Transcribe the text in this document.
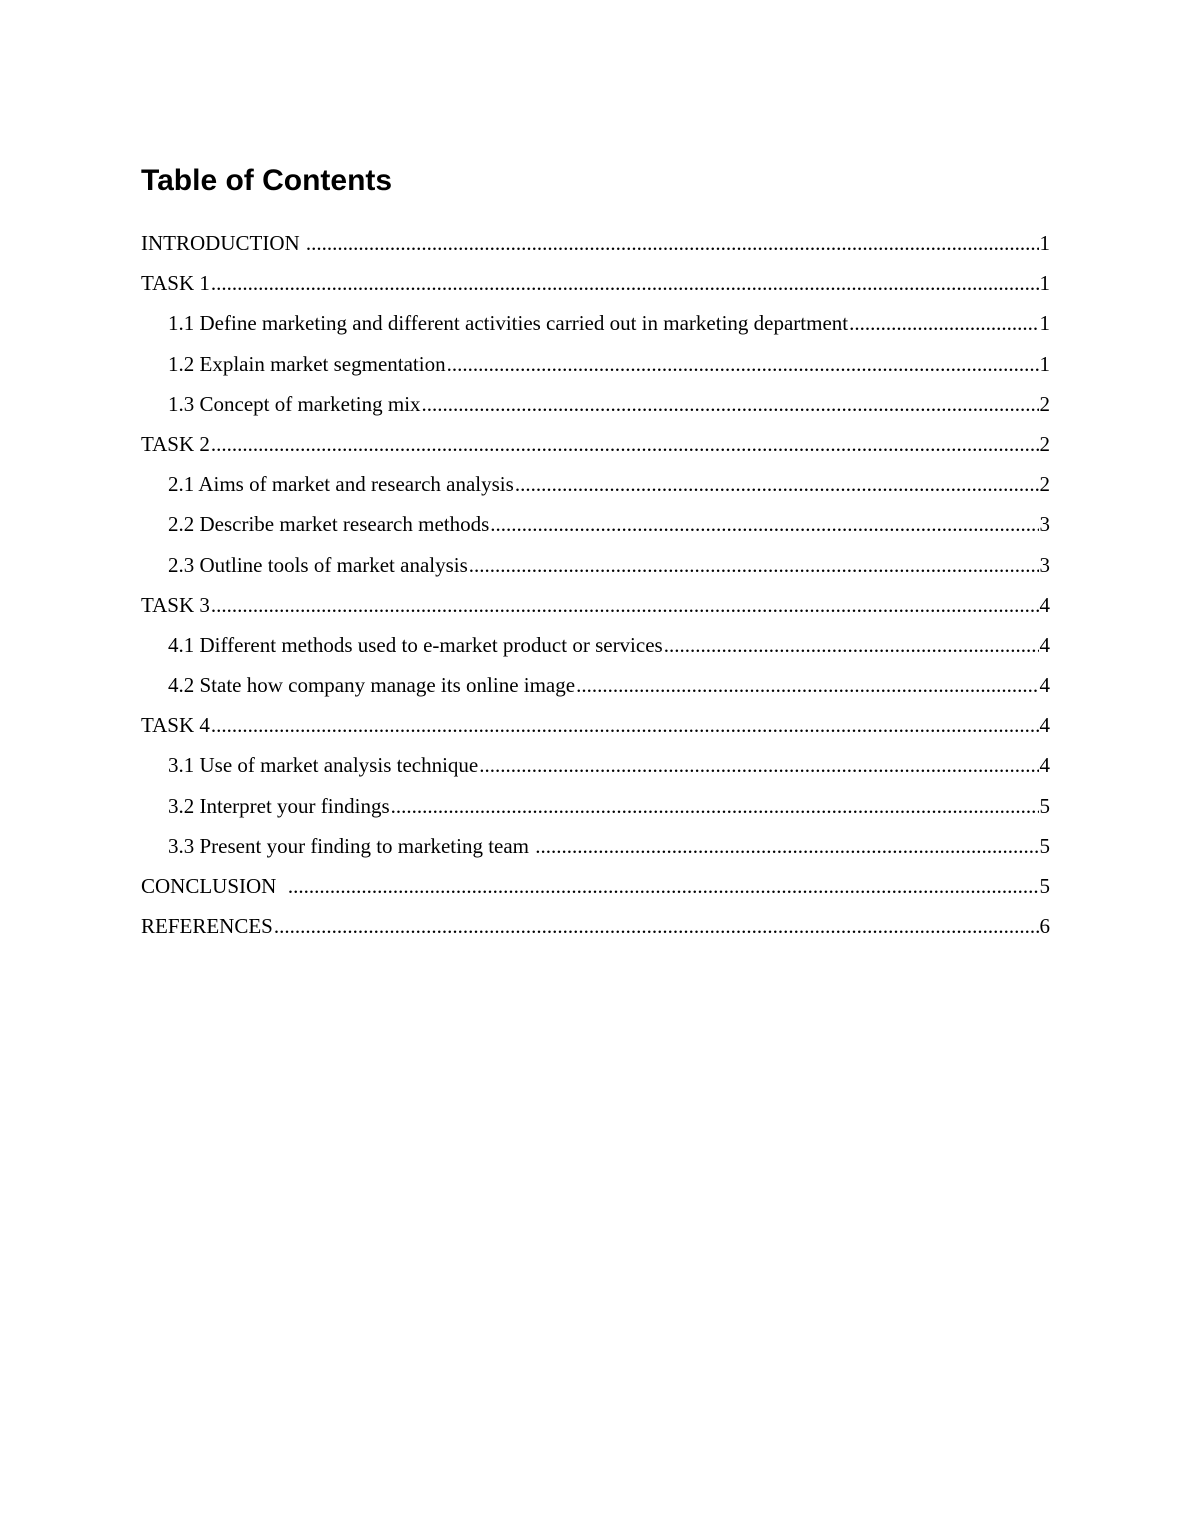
Table of Contents
INTRODUCTION .....	1
TASK 1 .....	1
1.1 Define marketing and different activities carried out in marketing department .....	1
1.2 Explain market segmentation .....	1
1.3 Concept of marketing mix .....	2
TASK 2 .....	2
2.1 Aims of market and research analysis .....	2
2.2 Describe market research methods .....	3
2.3 Outline tools of market analysis .....	3
TASK 3 .....	4
4.1 Different methods used to e-market product or services .....	4
4.2 State how company manage its online image .....	4
TASK 4 .....	4
3.1 Use of market analysis technique .....	4
3.2 Interpret your findings .....	5
3.3 Present your finding to marketing team .....	5
CONCLUSION .....	5
REFERENCES .....	6
